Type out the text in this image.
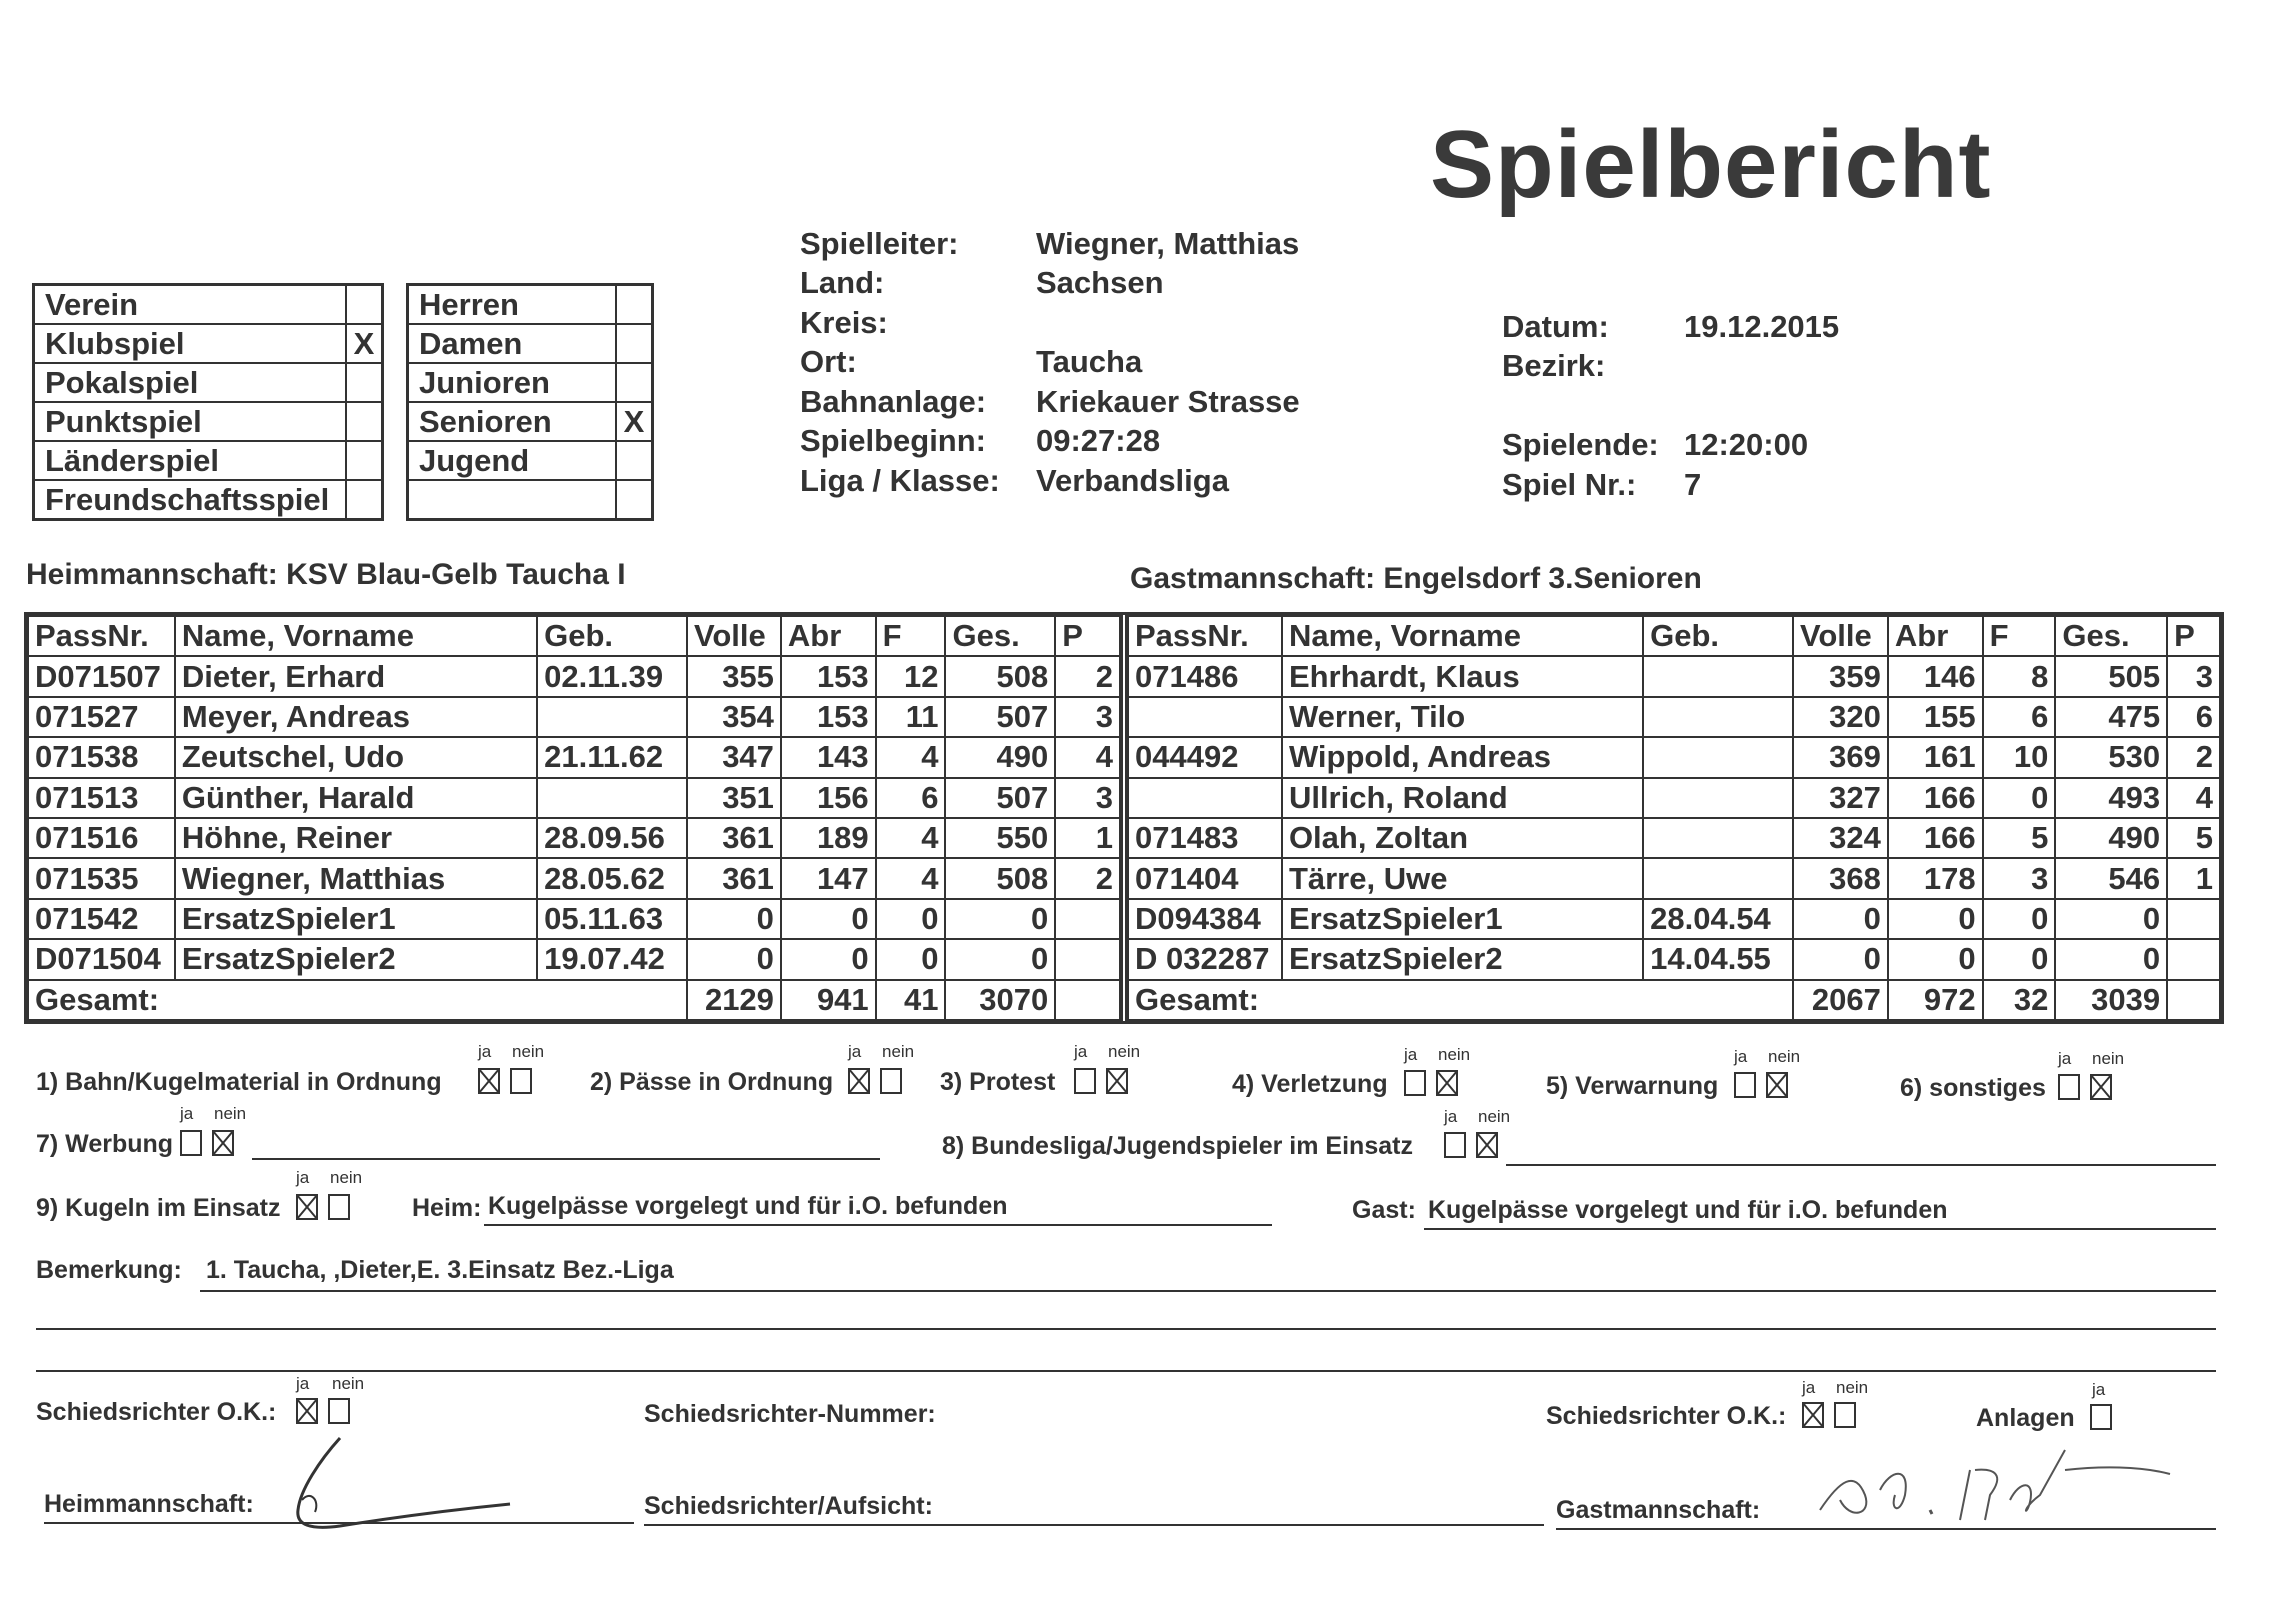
Spielbericht
Verein	
Klubspiel	X
Pokalspiel	
Punktspiel	
Länderspiel	
Freundschaftsspiel	
Herren	
Damen	
Junioren	
Senioren	X
Jugend	

Spielleiter:	Wiegner, Matthias
Land:	Sachsen
Kreis:
Ort:	Taucha
Bahnanlage: Kriekauer Strasse
Spielbeginn: 09:27:28
Liga / Klasse: Verbandsliga
Datum: 19.12.2015
Bezirk:
Spielende: 12:20:00
Spiel Nr.: 7
Heimmannschaft: KSV Blau-Gelb Taucha I	Gastmannschaft: Engelsdorf 3.Senioren
PassNr.	Name, Vorname	Geb.	Volle	Abr	F	Ges.	P
D071507	Dieter, Erhard	02.11.39	355	153	12	508	2
071527	Meyer, Andreas		354	153	11	507	3
071538	Zeutschel, Udo	21.11.62	347	143	4	490	4
071513	Günther, Harald		351	156	6	507	3
071516	Höhne, Reiner	28.09.56	361	189	4	550	1
071535	Wiegner, Matthias	28.05.62	361	147	4	508	2
071542	ErsatzSpieler1	05.11.63	0	0	0	0	
D071504	ErsatzSpieler2	19.07.42	0	0	0	0	
Gesamt:			2129	941	41	3070	
PassNr.	Name, Vorname	Geb.	Volle	Abr	F	Ges.	P
071486	Ehrhardt, Klaus		359	146	8	505	3
	Werner, Tilo		320	155	6	475	6
044492	Wippold, Andreas		369	161	10	530	2
	Ullrich, Roland		327	166	0	493	4
071483	Olah, Zoltan		324	166	5	490	5
071404	Tärre, Uwe		368	178	3	546	1
D094384	ErsatzSpieler1	28.04.54	0	0	0	0	
D 032287	ErsatzSpieler2	14.04.55	0	0	0	0	
Gesamt:			2067	972	32	3039	
1) Bahn/Kugelmaterial in Ordnung
ja nein
2) Pässe in Ordnung
ja nein
3) Protest
ja nein
4) Verletzung
ja nein
5) Verwarnung
ja nein
6) sonstiges
ja nein
7) Werbung
ja nein
8) Bundesliga/Jugendspieler im Einsatz
ja nein
9) Kugeln im Einsatz
ja nein
Heim: Kugelpässe vorgelegt und für i.O. befunden	Gast: Kugelpässe vorgelegt und für i.O. befunden
Bemerkung: 1. Taucha, ,Dieter,E. 3.Einsatz Bez.-Liga
Schiedsrichter O.K.:
ja nein
Schiedsrichter-Nummer:	Schiedsrichter O.K.:
ja nein
Anlagen
ja
Heimmannschaft:	Schiedsrichter/Aufsicht:	Gastmannschaft:
